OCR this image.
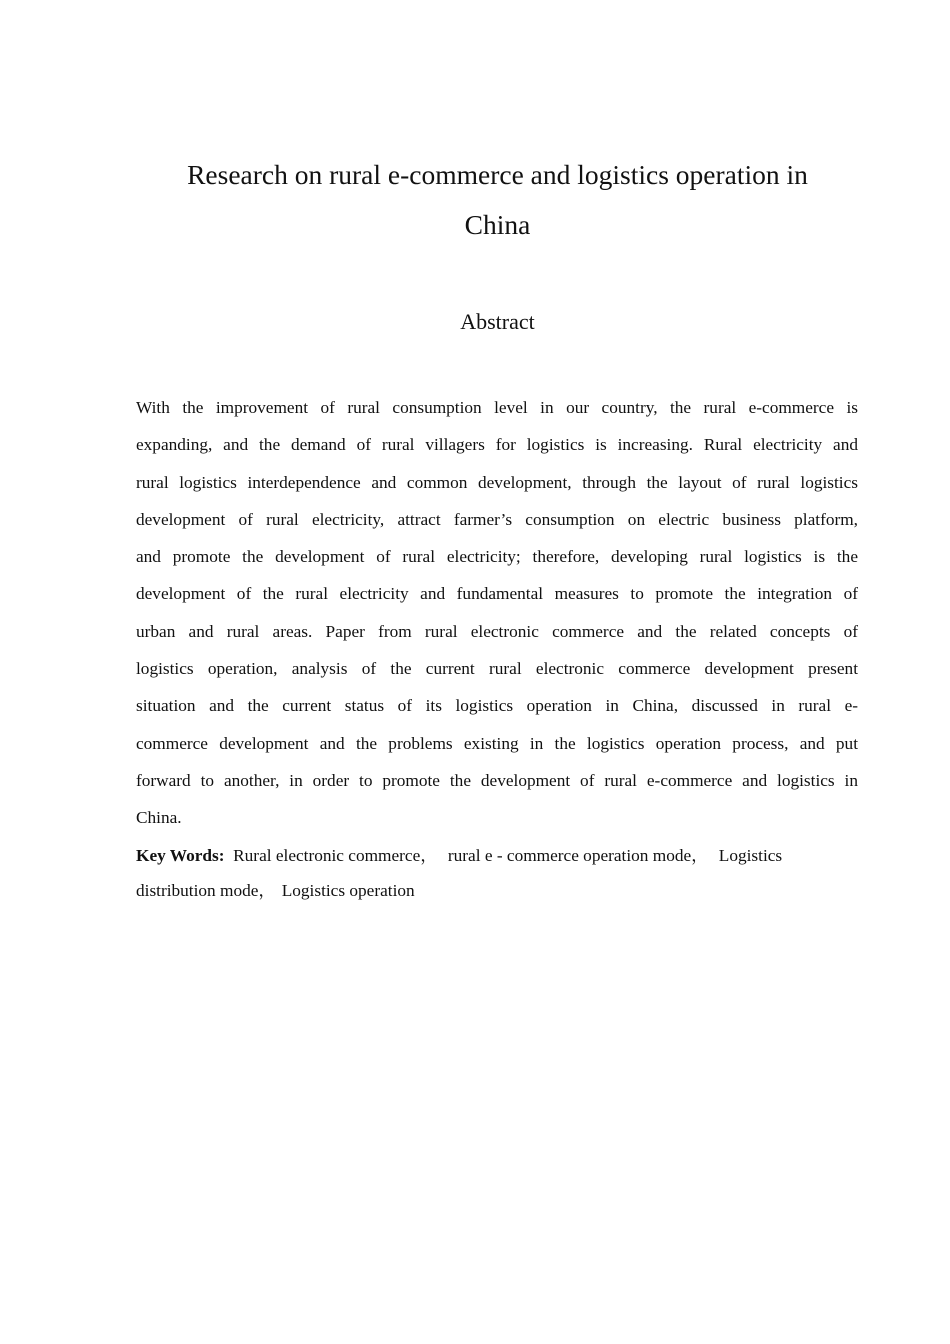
Research on rural e-commerce and logistics operation in
China
Abstract
With the improvement of rural consumption level in our country, the rural e-commerce is
expanding, and the demand of rural villagers for logistics is increasing. Rural electricity and
rural logistics interdependence and common development, through the layout of rural logistics
development of rural electricity, attract farmer’s consumption on electric business platform,
and promote the development of rural electricity; therefore, developing rural logistics is the
development of the rural electricity and fundamental measures to promote the integration of
urban and rural areas. Paper from rural electronic commerce and the related concepts of
logistics operation, analysis of the current rural electronic commerce development present
situation and the current status of its logistics operation in China, discussed in rural e-
commerce development and the problems existing in the logistics operation process, and put
forward to another, in order to promote the development of rural e-commerce and logistics in
China.

Key Words: Rural electronic commerce， rural e - commerce operation mode， Logistics distribution mode， Logistics operation
